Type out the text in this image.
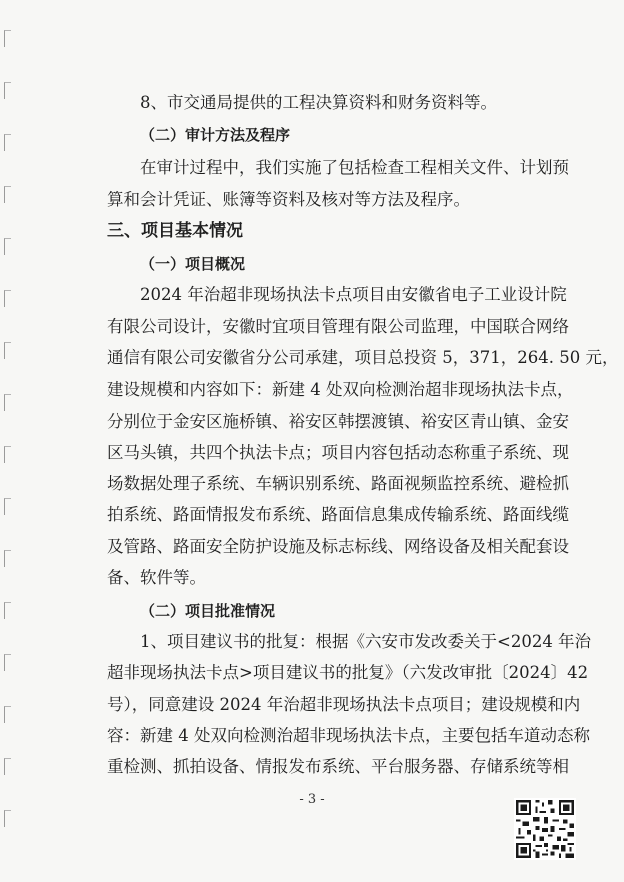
8、市交通局提供的工程决算资料和财务资料等。
（二）审计方法及程序
在审计过程中，我们实施了包括检查工程相关文件、计划预
算和会计凭证、账簿等资料及核对等方法及程序。
三、项目基本情况
（一）项目概况
2024 年治超非现场执法卡点项目由安徽省电子工业设计院
有限公司设计，安徽时宜项目管理有限公司监理，中国联合网络
通信有限公司安徽省分公司承建，项目总投资 5，371，264. 50 元，
建设规模和内容如下：新建 4 处双向检测治超非现场执法卡点，
分别位于金安区施桥镇、裕安区韩摆渡镇、裕安区青山镇、金安
区马头镇，共四个执法卡点；项目内容包括动态称重子系统、现
场数据处理子系统、车辆识别系统、路面视频监控系统、避检抓
拍系统、路面情报发布系统、路面信息集成传输系统、路面线缆
及管路、路面安全防护设施及标志标线、网络设备及相关配套设
备、软件等。
（二）项目批准情况
1、项目建议书的批复：根据《六安市发改委关于<2024 年治
超非现场执法卡点>项目建议书的批复》（六发改审批〔2024〕42
号），同意建设 2024 年治超非现场执法卡点项目；建设规模和内
容：新建 4 处双向检测治超非现场执法卡点，主要包括车道动态称
重检测、抓拍设备、情报发布系统、平台服务器、存储系统等相
- 3 -
